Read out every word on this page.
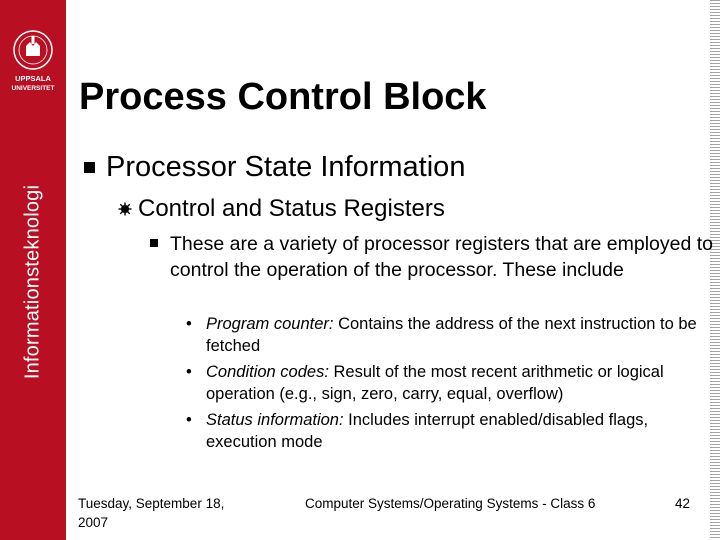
UPPSALA
UNIVERSITET
Informationsteknologi
Process Control Block
Processor State Information
Control and Status Registers
These are a variety of processor registers that are employed to control the operation of the processor. These include
• Program counter: Contains the address of the next instruction to be fetched
• Condition codes: Result of the most recent arithmetic or logical operation (e.g., sign, zero, carry, equal, overflow)
• Status information: Includes interrupt enabled/disabled flags, execution mode
Tuesday, September 18, 2007
Computer Systems/Operating Systems - Class 6	42
